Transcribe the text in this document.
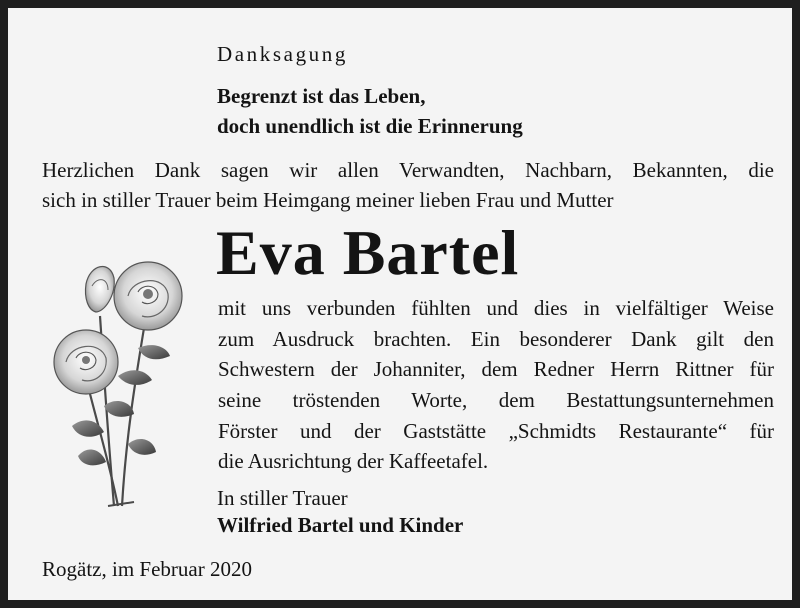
Danksagung
Begrenzt ist das Leben,
doch unendlich ist die Erinnerung
Herzlichen Dank sagen wir allen Verwandten, Nachbarn, Bekannten, die
sich in stiller Trauer beim Heimgang meiner lieben Frau und Mutter
Eva Bartel
mit uns verbunden fühlten und dies in vielfältiger Weise
zum Ausdruck brachten. Ein besonderer Dank gilt den
Schwestern der Johanniter, dem Redner Herrn Rittner für
seine tröstenden Worte, dem Bestattungsunternehmen
Förster und der Gaststätte „Schmidts Restaurante“ für
die Ausrichtung der Kaffeetafel.
In stiller Trauer
Wilfried Bartel und Kinder
Rogätz, im Februar 2020
